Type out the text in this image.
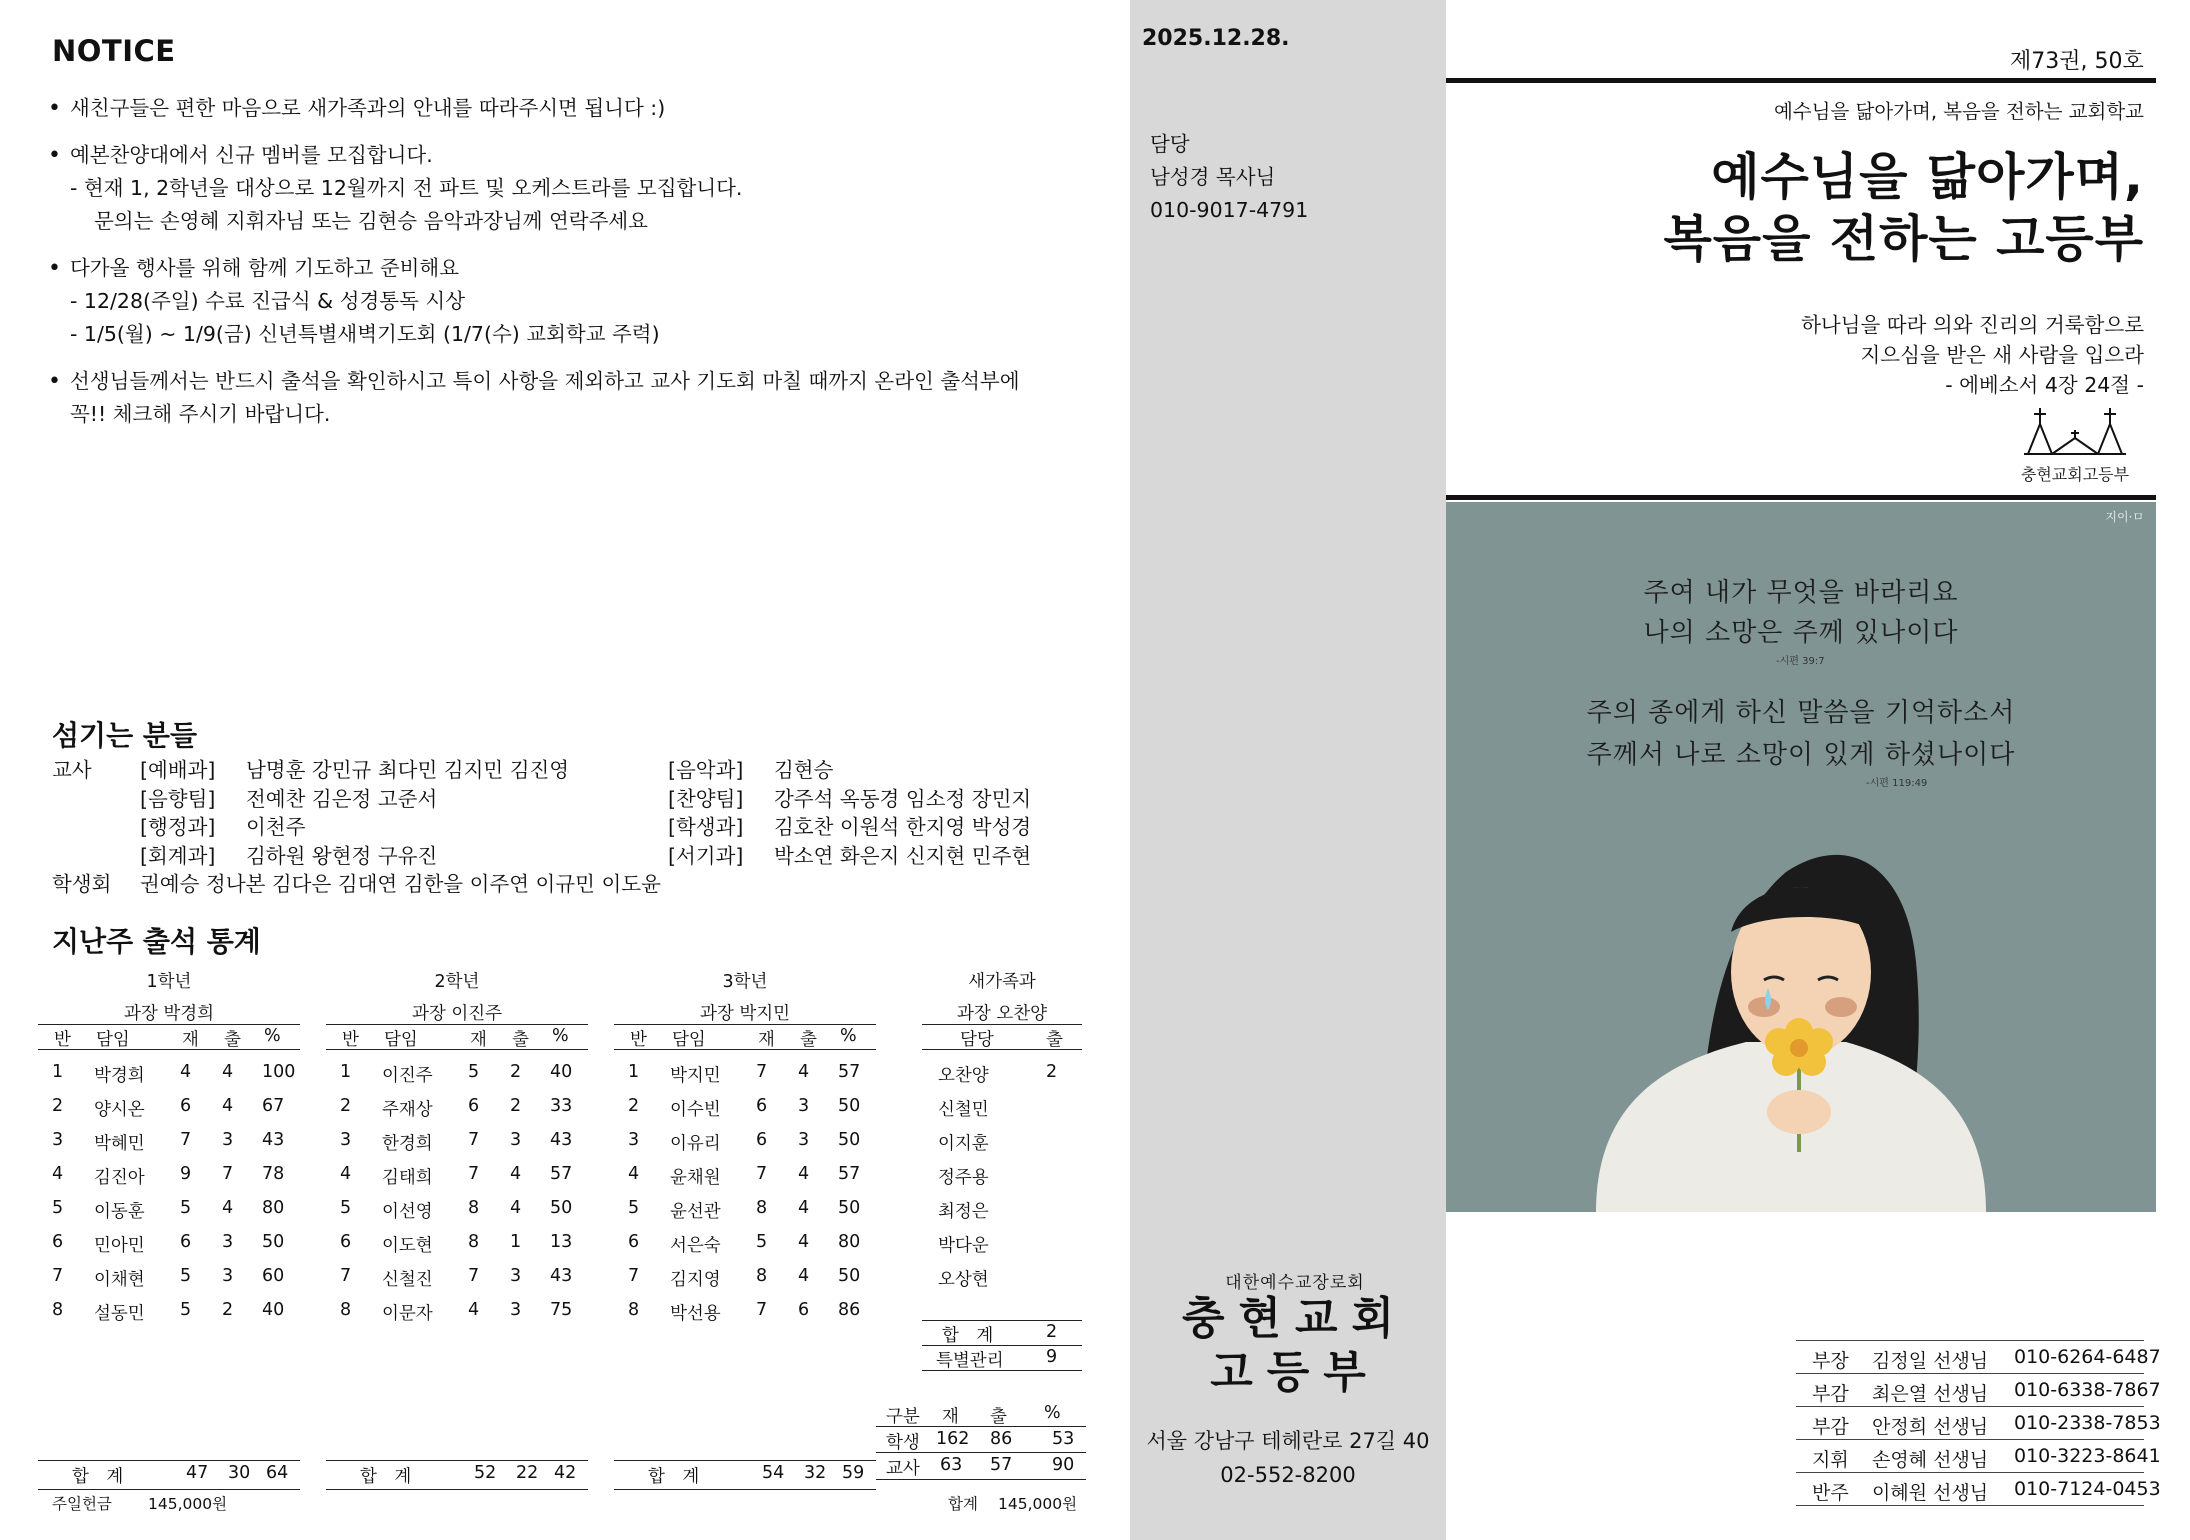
NOTICE
• 새친구들은 편한 마음으로 새가족과의 안내를 따라주시면 됩니다 :)
• 예본찬양대에서 신규 멤버를 모집합니다.
- 현재 1, 2학년을 대상으로 12월까지 전 파트 및 오케스트라를 모집합니다.
문의는 손영혜 지휘자님 또는 김현승 음악과장님께 연락주세요
• 다가올 행사를 위해 함께 기도하고 준비해요
- 12/28(주일) 수료 진급식 & 성경통독 시상
- 1/5(월) ~ 1/9(금) 신년특별새벽기도회 (1/7(수) 교회학교 주력)
• 선생님들께서는 반드시 출석을 확인하시고 특이 사항을 제외하고 교사 기도회 마칠 때까지 온라인 출석부에
꼭!! 체크해 주시기 바랍니다.
섬기는 분들
교사 [예배과] 남명훈 강민규 최다민 김지민 김진영	[음악과] 김현승
[음향팀] 전예찬 김은정 고준서	[찬양팀] 강주석 옥동경 임소정 장민지
[행정과] 이천주	[학생과] 김호찬 이원석 한지영 박성경
[회계과] 김하원 왕현정 구유진	[서기과] 박소연 화은지 신지현 민주현
학생회 권예승 정나본 김다은 김대연 김한을 이주연 이규민 이도윤
지난주 출석 통계
1학년
과장 박경희
반 담임	재 출 %
1 박경희 4 4 100
2 양시온 6 4 67
3 박혜민 7 3 43
4 김진아 9 7 78
5 이동훈 5 4 80
6 민아민 6 3 50
7 이채현 5 3 60
8 설동민 5 2 40
합　계	47 30 64
2학년
과장 이진주
반 담임	재 출 %
1 이진주 5 2 40
2 주재상 6 2 33
3 한경희 7 3 43
4 김태희 7 4 57
5 이선영 8 4 50
6 이도현 8 1 13
7 신철진 7 3 43
8 이문자 4 3 75
합　계	52 22 42
3학년
과장 박지민
반 담임	재 출 %
1 박지민 7 4 57
2 이수빈 6 3 50
3 이유리 6 3 50
4 윤채원 7 4 57
5 윤선관 8 4 50
6 서은숙 5 4 80
7 김지영 8 4 50
8 박선용 7 6 86
합　계	54 32 59
새가족과
과장 오찬양
담당	출
오찬양	2
신철민
이지훈
정주용
최정은
박다운
오상현
합　계	2
특별관리 9
구분 재 출 %
학생 162 86 53
교사 63 57 90
주일헌금 145,000원	합계 145,000원
2025.12.28.
담당
남성경 목사님
010-9017-4791
대한예수교장로회
충현교회
고등부
서울 강남구 테헤란로 27길 40
02-552-8200
제73권, 50호
예수님을 닮아가며, 복음을 전하는 교회학교
예수님을 닮아가며,
복음을 전하는 고등부
하나님을 따라 의와 진리의 거룩함으로
지으심을 받은 새 사람을 입으라
- 에베소서 4장 24절 -
충현교회고등부
지이·ㅁ
주여 내가 무엇을 바라리요
나의 소망은 주께 있나이다
-시편 39:7
주의 종에게 하신 말씀을 기억하소서
주께서 나로 소망이 있게 하셨나이다
-시편 119:49
부장 김정일 선생님 010-6264-6487
부감 최은열 선생님 010-6338-7867
부감 안정희 선생님 010-2338-7853
지휘 손영혜 선생님 010-3223-8641
반주 이혜원 선생님 010-7124-0453
